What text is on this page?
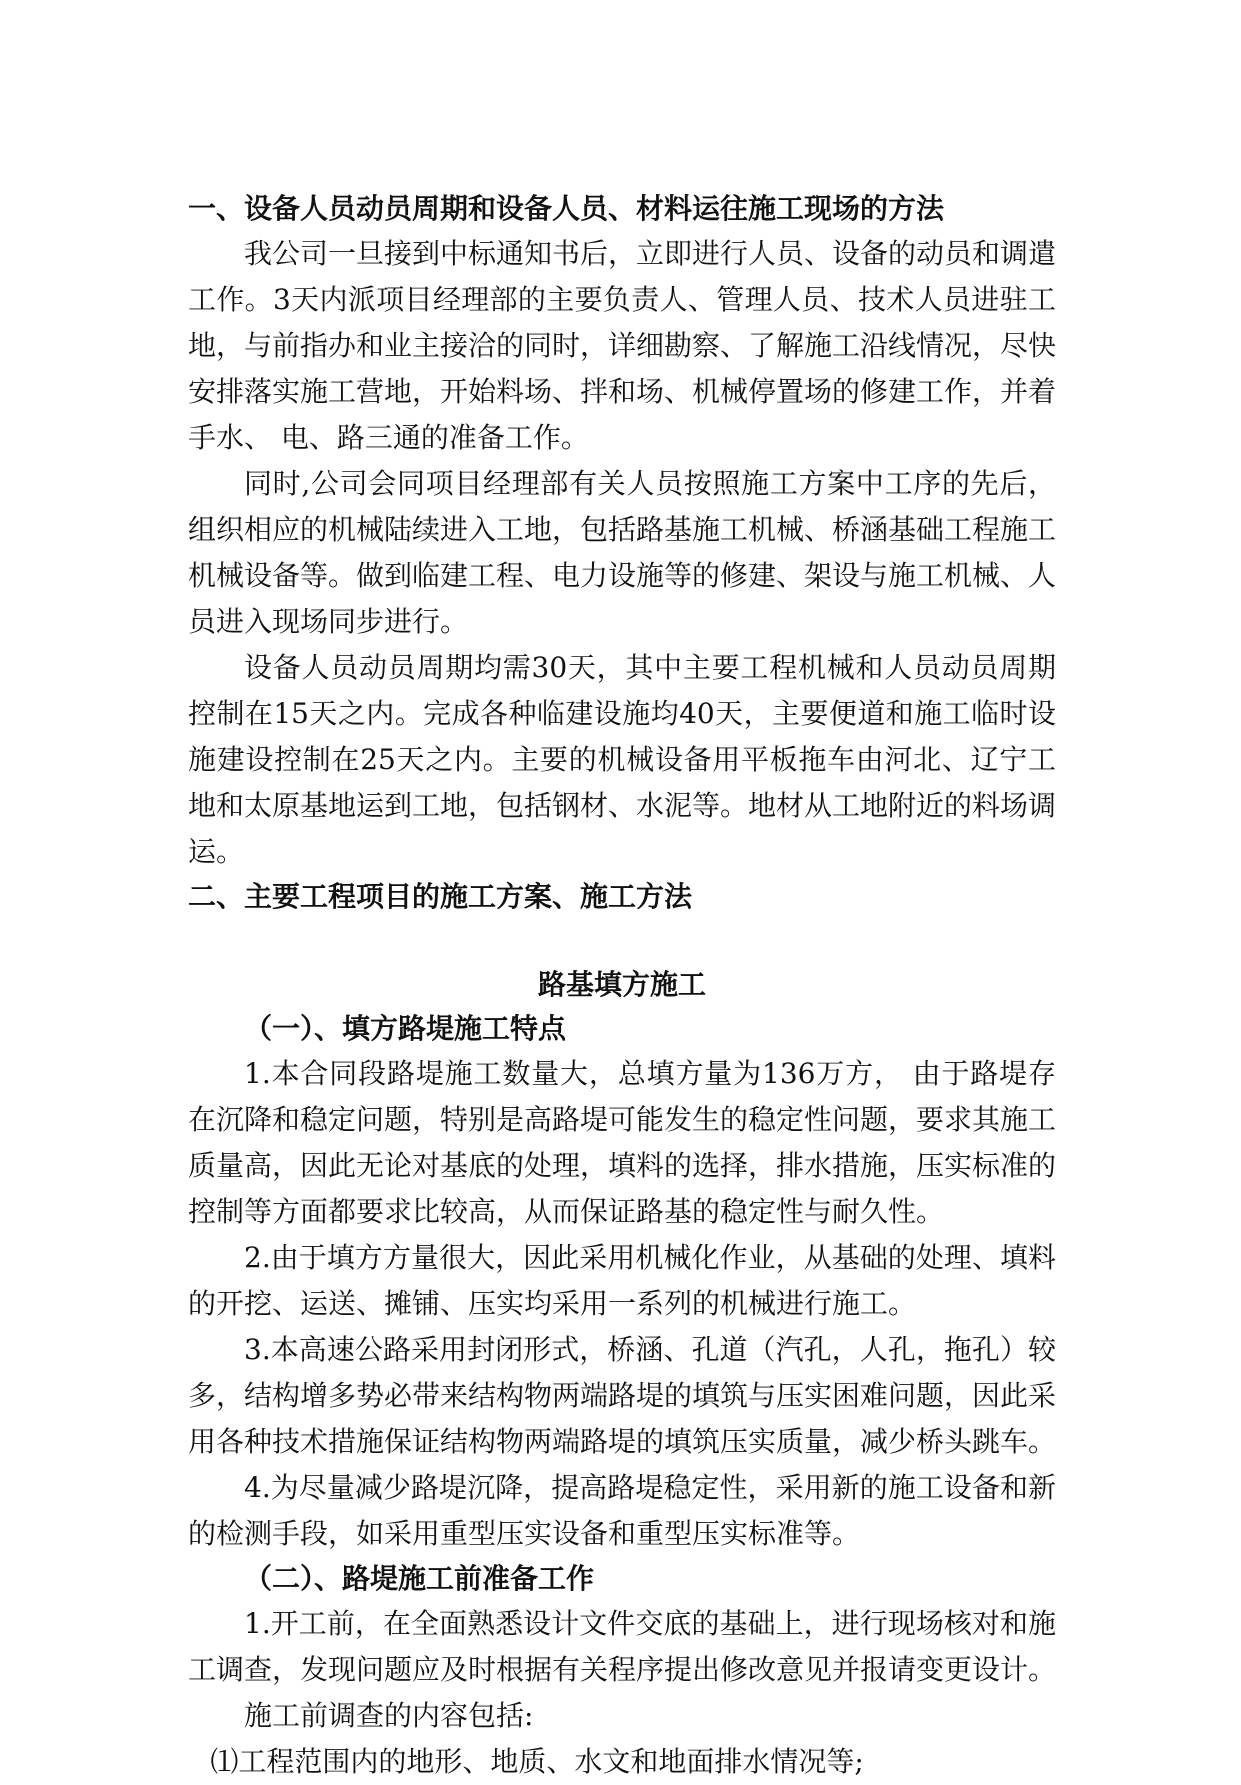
一、设备人员动员周期和设备人员、材料运往施工现场的方法

我公司一旦接到中标通知书后，立即进行人员、设备的动员和调遣工作。3天内派项目经理部的主要负责人、管理人员、技术人员进驻工地，与前指办和业主接洽的同时，详细勘察、了解施工沿线情况，尽快安排落实施工营地，开始料场、拌和场、机械停置场的修建工作，并着手水、 电、路三通的准备工作。

同时,公司会同项目经理部有关人员按照施工方案中工序的先后，组织相应的机械陆续进入工地，包括路基施工机械、桥涵基础工程施工机械设备等。做到临建工程、电力设施等的修建、架设与施工机械、人员进入现场同步进行。

设备人员动员周期均需30天，其中主要工程机械和人员动员周期控制在15天之内。完成各种临建设施均40天，主要便道和施工临时设施建设控制在25天之内。主要的机械设备用平板拖车由河北、辽宁工地和太原基地运到工地，包括钢材、水泥等。地材从工地附近的料场调运。

二、主要工程项目的施工方案、施工方法
路基填方施工
（一）、填方路堤施工特点

1.本合同段路堤施工数量大，总填方量为136万方， 由于路堤存在沉降和稳定问题，特别是高路堤可能发生的稳定性问题，要求其施工质量高，因此无论对基底的处理，填料的选择，排水措施，压实标准的控制等方面都要求比较高，从而保证路基的稳定性与耐久性。

2.由于填方方量很大，因此采用机械化作业，从基础的处理、填料的开挖、运送、摊铺、压实均采用一系列的机械进行施工。

3.本高速公路采用封闭形式，桥涵、孔道（汽孔，人孔，拖孔）较多，结构增多势必带来结构物两端路堤的填筑与压实困难问题，因此采用各种技术措施保证结构物两端路堤的填筑压实质量，减少桥头跳车。

4.为尽量减少路堤沉降，提高路堤稳定性，采用新的施工设备和新的检测手段，如采用重型压实设备和重型压实标准等。

（二）、路堤施工前准备工作

1.开工前，在全面熟悉设计文件交底的基础上，进行现场核对和施工调查，发现问题应及时根据有关程序提出修改意见并报请变更设计。

施工前调查的内容包括:

⑴工程范围内的地形、地质、水文和地面排水情况等;
